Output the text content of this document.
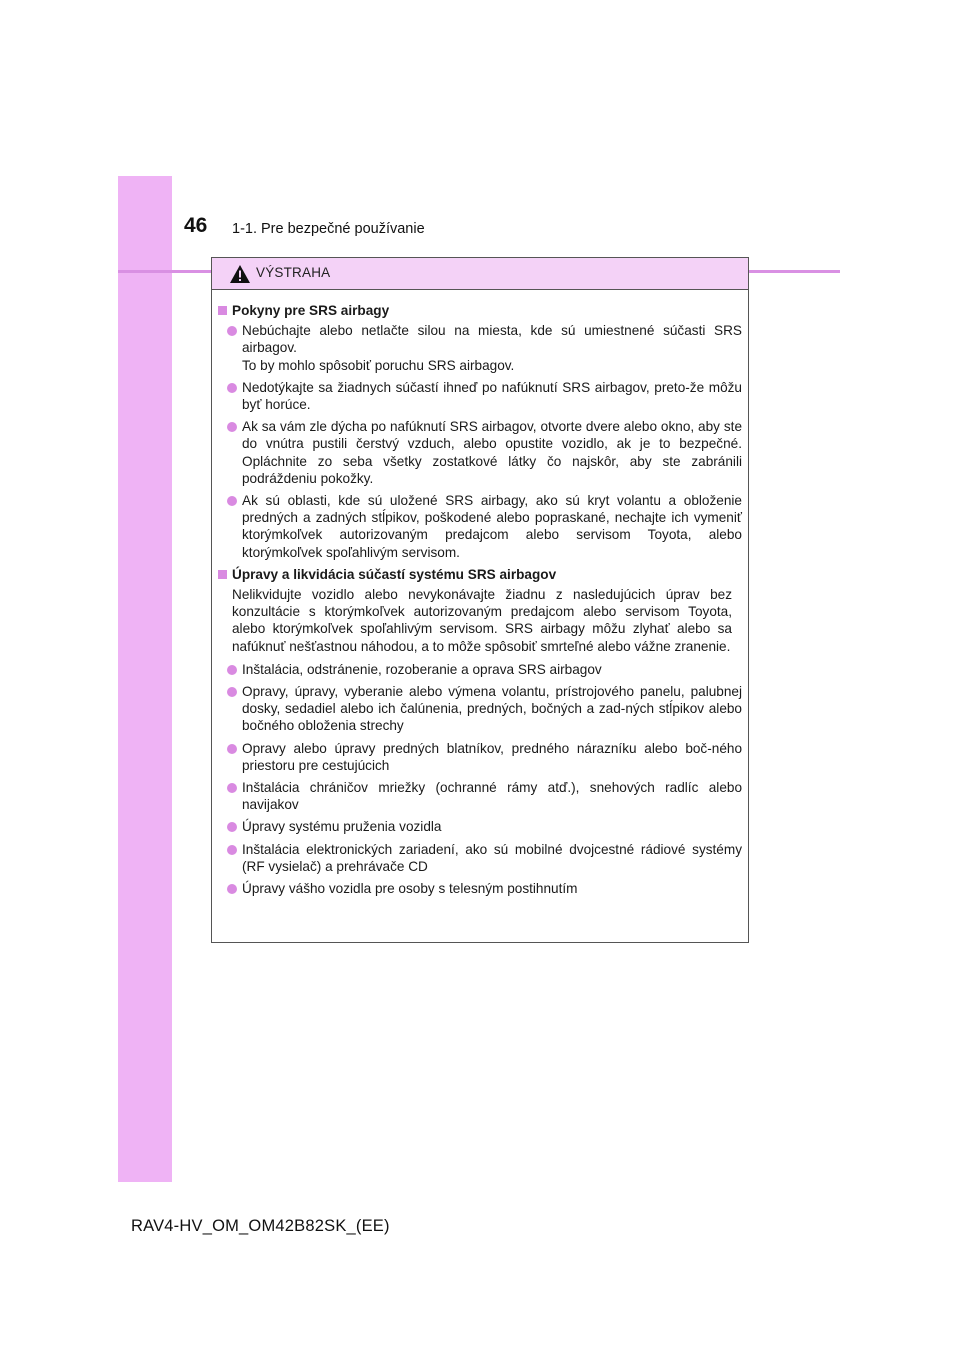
46 1-1. Pre bezpečné používanie
VÝSTRAHA
Pokyny pre SRS airbagy
Nebúchajte alebo netlačte silou na miesta, kde sú umiestnené súčasti SRS airbagov.
To by mohlo spôsobiť poruchu SRS airbagov.
Nedotýkajte sa žiadnych súčastí ihneď po nafúknutí SRS airbagov, preto-že môžu byť horúce.
Ak sa vám zle dýcha po nafúknutí SRS airbagov, otvorte dvere alebo okno, aby ste do vnútra pustili čerstvý vzduch, alebo opustite vozidlo, ak je to bezpečné. Opláchnite zo seba všetky zostatkové látky čo najskôr, aby ste zabránili podráždeniu pokožky.
Ak sú oblasti, kde sú uložené SRS airbagy, ako sú kryt volantu a obloženie predných a zadných stĺpikov, poškodené alebo popraskané, nechajte ich vymeniť ktorýmkoľvek autorizovaným predajcom alebo servisom Toyota, alebo ktorýmkoľvek spoľahlivým servisom.
Úpravy a likvidácia súčastí systému SRS airbagov
Nelikvidujte vozidlo alebo nevykonávajte žiadnu z nasledujúcich úprav bez konzultácie s ktorýmkoľvek autorizovaným predajcom alebo servisom Toyota, alebo ktorýmkoľvek spoľahlivým servisom. SRS airbagy môžu zlyhať alebo sa nafúknuť nešťastnou náhodou, a to môže spôsobiť smrteľné alebo vážne zranenie.
Inštalácia, odstránenie, rozoberanie a oprava SRS airbagov
Opravy, úpravy, vyberanie alebo výmena volantu, prístrojového panelu, palubnej dosky, sedadiel alebo ich čalúnenia, predných, bočných a zad-ných stĺpikov alebo bočného obloženia strechy
Opravy alebo úpravy predných blatníkov, predného nárazníku alebo boč-ného priestoru pre cestujúcich
Inštalácia chráničov mriežky (ochranné rámy atď.), snehových radlíc alebo navijakov
Úpravy systému pruženia vozidla
Inštalácia elektronických zariadení, ako sú mobilné dvojcestné rádiové systémy (RF vysielač) a prehrávače CD
Úpravy vášho vozidla pre osoby s telesným postihnutím
RAV4-HV_OM_OM42B82SK_(EE)
